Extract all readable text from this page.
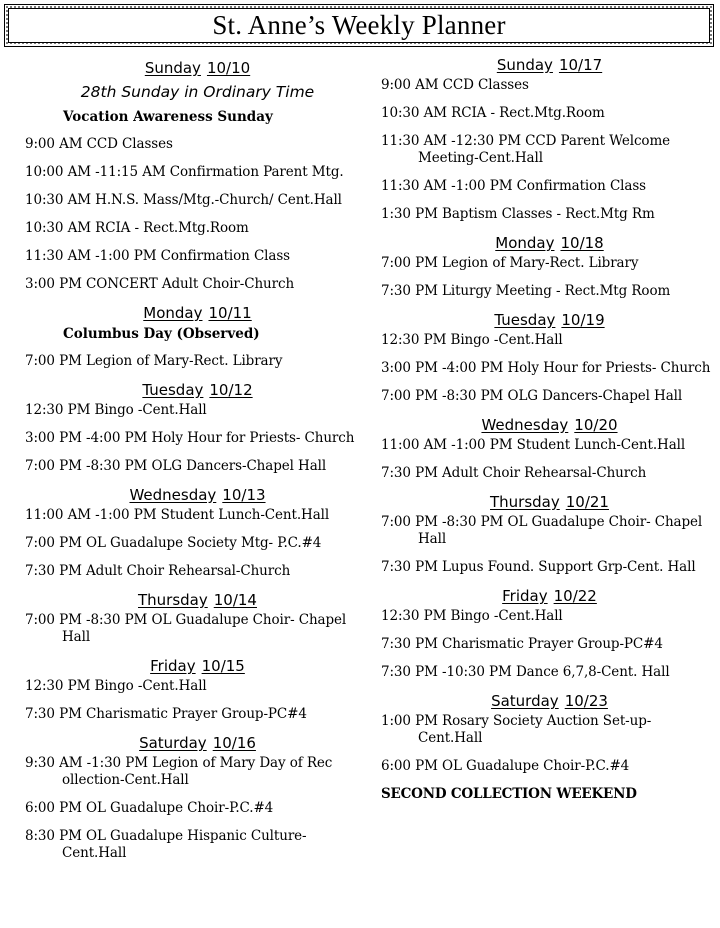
St. Anne’s Weekly Planner
Sunday 10/10
28th Sunday in Ordinary Time
Vocation Awareness Sunday
9:00 AM CCD Classes
10:00 AM -11:15 AM Confirmation Parent Mtg.
10:30 AM H.N.S. Mass/Mtg.-Church/ Cent.Hall
10:30 AM RCIA - Rect.Mtg.Room
11:30 AM -1:00 PM Confirmation Class
3:00 PM CONCERT Adult Choir-Church
Monday 10/11
Columbus Day (Observed)
7:00 PM Legion of Mary-Rect. Library
Tuesday 10/12
12:30 PM Bingo -Cent.Hall
3:00 PM -4:00 PM Holy Hour for Priests- Church
7:00 PM -8:30 PM OLG Dancers-Chapel Hall
Wednesday 10/13
11:00 AM -1:00 PM Student Lunch-Cent.Hall
7:00 PM OL Guadalupe Society Mtg- P.C.#4
7:30 PM Adult Choir Rehearsal-Church
Thursday 10/14
7:00 PM -8:30 PM OL Guadalupe Choir- Chapel Hall
Friday 10/15
12:30 PM Bingo -Cent.Hall
7:30 PM Charismatic Prayer Group-PC#4
Saturday 10/16
9:30 AM -1:30 PM Legion of Mary Day of Rec ollection-Cent.Hall
6:00 PM OL Guadalupe Choir-P.C.#4
8:30 PM OL Guadalupe Hispanic Culture- Cent.Hall
Sunday 10/17
9:00 AM CCD Classes
10:30 AM RCIA - Rect.Mtg.Room
11:30 AM -12:30 PM CCD Parent Welcome Meeting-Cent.Hall
11:30 AM -1:00 PM Confirmation Class
1:30 PM Baptism Classes - Rect.Mtg Rm
Monday 10/18
7:00 PM Legion of Mary-Rect. Library
7:30 PM Liturgy Meeting - Rect.Mtg Room
Tuesday 10/19
12:30 PM Bingo -Cent.Hall
3:00 PM -4:00 PM Holy Hour for Priests- Church
7:00 PM -8:30 PM OLG Dancers-Chapel Hall
Wednesday 10/20
11:00 AM -1:00 PM Student Lunch-Cent.Hall
7:30 PM Adult Choir Rehearsal-Church
Thursday 10/21
7:00 PM -8:30 PM OL Guadalupe Choir- Chapel Hall
7:30 PM Lupus Found. Support Grp-Cent. Hall
Friday 10/22
12:30 PM Bingo -Cent.Hall
7:30 PM Charismatic Prayer Group-PC#4
7:30 PM -10:30 PM Dance 6,7,8-Cent. Hall
Saturday 10/23
1:00 PM Rosary Society Auction Set-up- Cent.Hall
6:00 PM OL Guadalupe Choir-P.C.#4
SECOND COLLECTION WEEKEND
